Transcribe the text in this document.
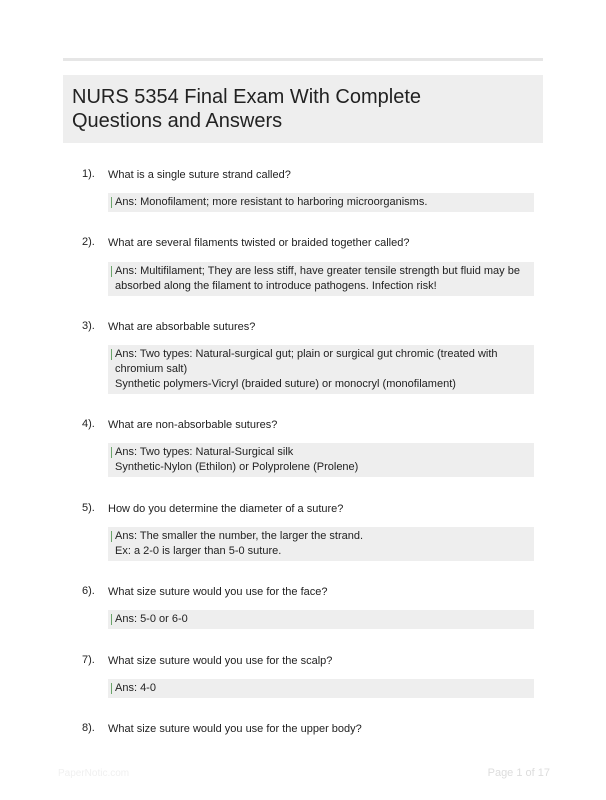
NURS 5354 Final Exam With Complete
Questions and Answers
1). What is a single suture strand called?
Ans: Monofilament; more resistant to harboring microorganisms.
2). What are several filaments twisted or braided together called?
Ans: Multifilament; They are less stiff, have greater tensile strength but fluid may be
absorbed along the filament to introduce pathogens. Infection risk!
3). What are absorbable sutures?
Ans: Two types: Natural-surgical gut; plain or surgical gut chromic (treated with
chromium salt)
Synthetic polymers-Vicryl (braided suture) or monocryl (monofilament)
4). What are non-absorbable sutures?
Ans: Two types: Natural-Surgical silk
Synthetic-Nylon (Ethilon) or Polyprolene (Prolene)
5). How do you determine the diameter of a suture?
Ans: The smaller the number, the larger the strand.
Ex: a 2-0 is larger than 5-0 suture.
6). What size suture would you use for the face?
Ans: 5-0 or 6-0
7). What size suture would you use for the scalp?
Ans: 4-0
8). What size suture would you use for the upper body?
PaperNotic.com	Page 1 of 17
